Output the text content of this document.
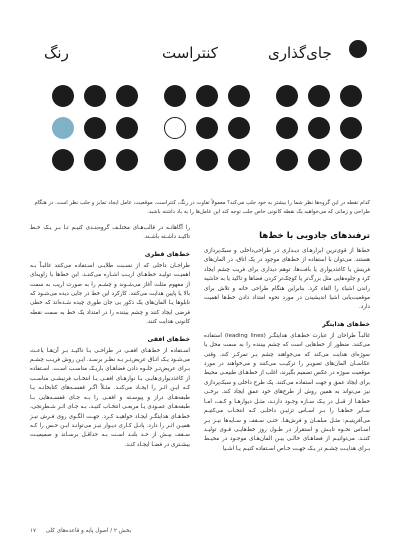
رنگ	کنتراست	جای‌گذاری
کدام نقطه در این گروه‌ها نظر شما را بیشتر به خود جلب می‌کند؟ معمولاً تفاوت در رنگ، کنتراست، موقعیت، عامل ایجاد تمایز و جلب نظر است. در هنگام طراحی و زمانی که می‌خواهید یک نقطه کانونی خاص جلب توجه کند این عامل‌ها را به یاد داشته باشید.
ترفندهای جادویی با خط‌ها

خط‌ها از قوی‌ترین ابزارهـای دیـداری در طراحی‌داخلی و سبک‌پردازی هستند. می‌توان با استفاده از خط‌های موجود در یک اتاق، در المان‌های فرینش یا کاغذدیواری یا بافت‌ها، توهم دیداری برای فریب چشم ایجاد کرد و جلوه‌هایی مثل بزرگ‌تر یا کوچک‌تر کردن فضاها و تاکید یا به حاشیه راندن اشیاء را القاء کرد. بنابراین هنگام طراحی خانه و تلاش برای موقعیت‌یابی اشیا اندیشیدن در مورد نحوه امتداد دادن خط‌ها اهمیت دارد.

خط‌های هدایتگر

غالبـاً طراحان از عبارت خط‌هـای هدایتگـر (leading lines) استفاده می‌کنند. منظور از خط‌هایی است که چشم بیننده را به سمت محل یا سوژه‌ای هدایت می‌کند که می‌خواهند چشم بـر تمرکـز کند. وقتی عکاسـان المان‌های تصویـر را ترکیـب می‌کنند و می‌خواهند در مورد موقعیت سوژه در عکس تصمیم بگیرند، اغلب از خط‌هـای طبیعـی محیط برای ایجاد عمق و جهت استفاده می‌کنند. یک طرح داخلی و سبک‌پردازی نیز می‌تواند به همین روش از طرح‌های خود عمق ایجاد کند. برخـی خط‌هـا از قبـل در یـک سـازه وجـود دارنـد، مثـل دیوارهـا و کـف، امـا سـایر خط‌هـا را بـر اسـاس تزئیـن داخلـی کـه انتخـاب می‌کنیـم می‌آفرینیـم: مثـل مبلمـان و فرش‌هـا. حتـی سـقف و سـایه‌ها نیـز بـر اسـاس نحـوه تابـش و استقرار در طـول روز خط‌هایـی قـوی تولیـد کننـد. می‌توانیـم از فضاهـای خالـی بیـن المان‌هـای موجـود در محیـط بـرای هدایـت چشـم در یـک جهـت خـاص اسـتفاده کنیـم یـا اشـیا

را آگاهانـه در قالب‌هـای مختلـف گروه‌بنـدی کنیـم تـا بـر یـک خـط تاکیـد داشـته باشـند.

خط‌های قطری

طراحـان داخلی که از نسـبت طلایـی اسـتفاده می‌کنند غالبـاً بـه اهمیـت تولیـد خط‌هـای اریـب اشـاره می‌کننـد. این خط‌ها با زاویه‌ای از مفهوم مثلث آغاز می‌شـوند و چشـم را به صورت اریب به سمت بالا یا پایین هدایت می‌کنند. کارکرد این خط در جایی دیده می‌شـود که تابلوها یـا المان‌های یک دکور بی جان طوری چیده شـده‌اند که خطی فرضی ایجاد کنند و چشم بیننده را در امتداد یک خط به سمت نقطه کانونی هدایت کنند.

خط‌های افقی

اسـتفاده از خط‌هـای افقـی در طراحـی بـا تاکیـد بـر آن‌هـا باعـث می‌شـود یـک اتـاق عریض‌تـر بـه نظـر برسـد. ایـن روش فریـب چشـم بـرای عریض‌تـر جلـوه دادن فضاهـای باریـک مناسـب اسـت. اسـتفاده از کاغذدیواری‌هایـی بـا نوارهـای افقـی یـا انتخـاب فرنیشـی مناسـب کـه ایـن اثـر را ایجـاد می‌کنـد. مثـلاً اگـر قفسـه‌های کتابخانـه یـا طبقه‌هـای دراز و پیوسـته و افقـی را بـه جـای قفسـه‌هایی بـا طبقه‌هـای عمـودی یـا مربعـی انتخـاب کنیـد، بـه جـای اثـر شـطرنجی، خط‌هـای هدایتگـر ایجـاد خواهیـد کـرد. جهـت الگـوی روی فـرش نیـز همیـن اثـر را دارد. پانـل کـاری دیـوار نیـز می‌توانـد ایـن حـس را کـه سـقف بیـش از حـد بلنـد اسـت بـه حداقـل برسـاند و صمیمیـت بیشـتری در فضـا ایجـاد کنـد.

۱۷ بخش ۲ / اصول پایه و قاعده‌های کلی
